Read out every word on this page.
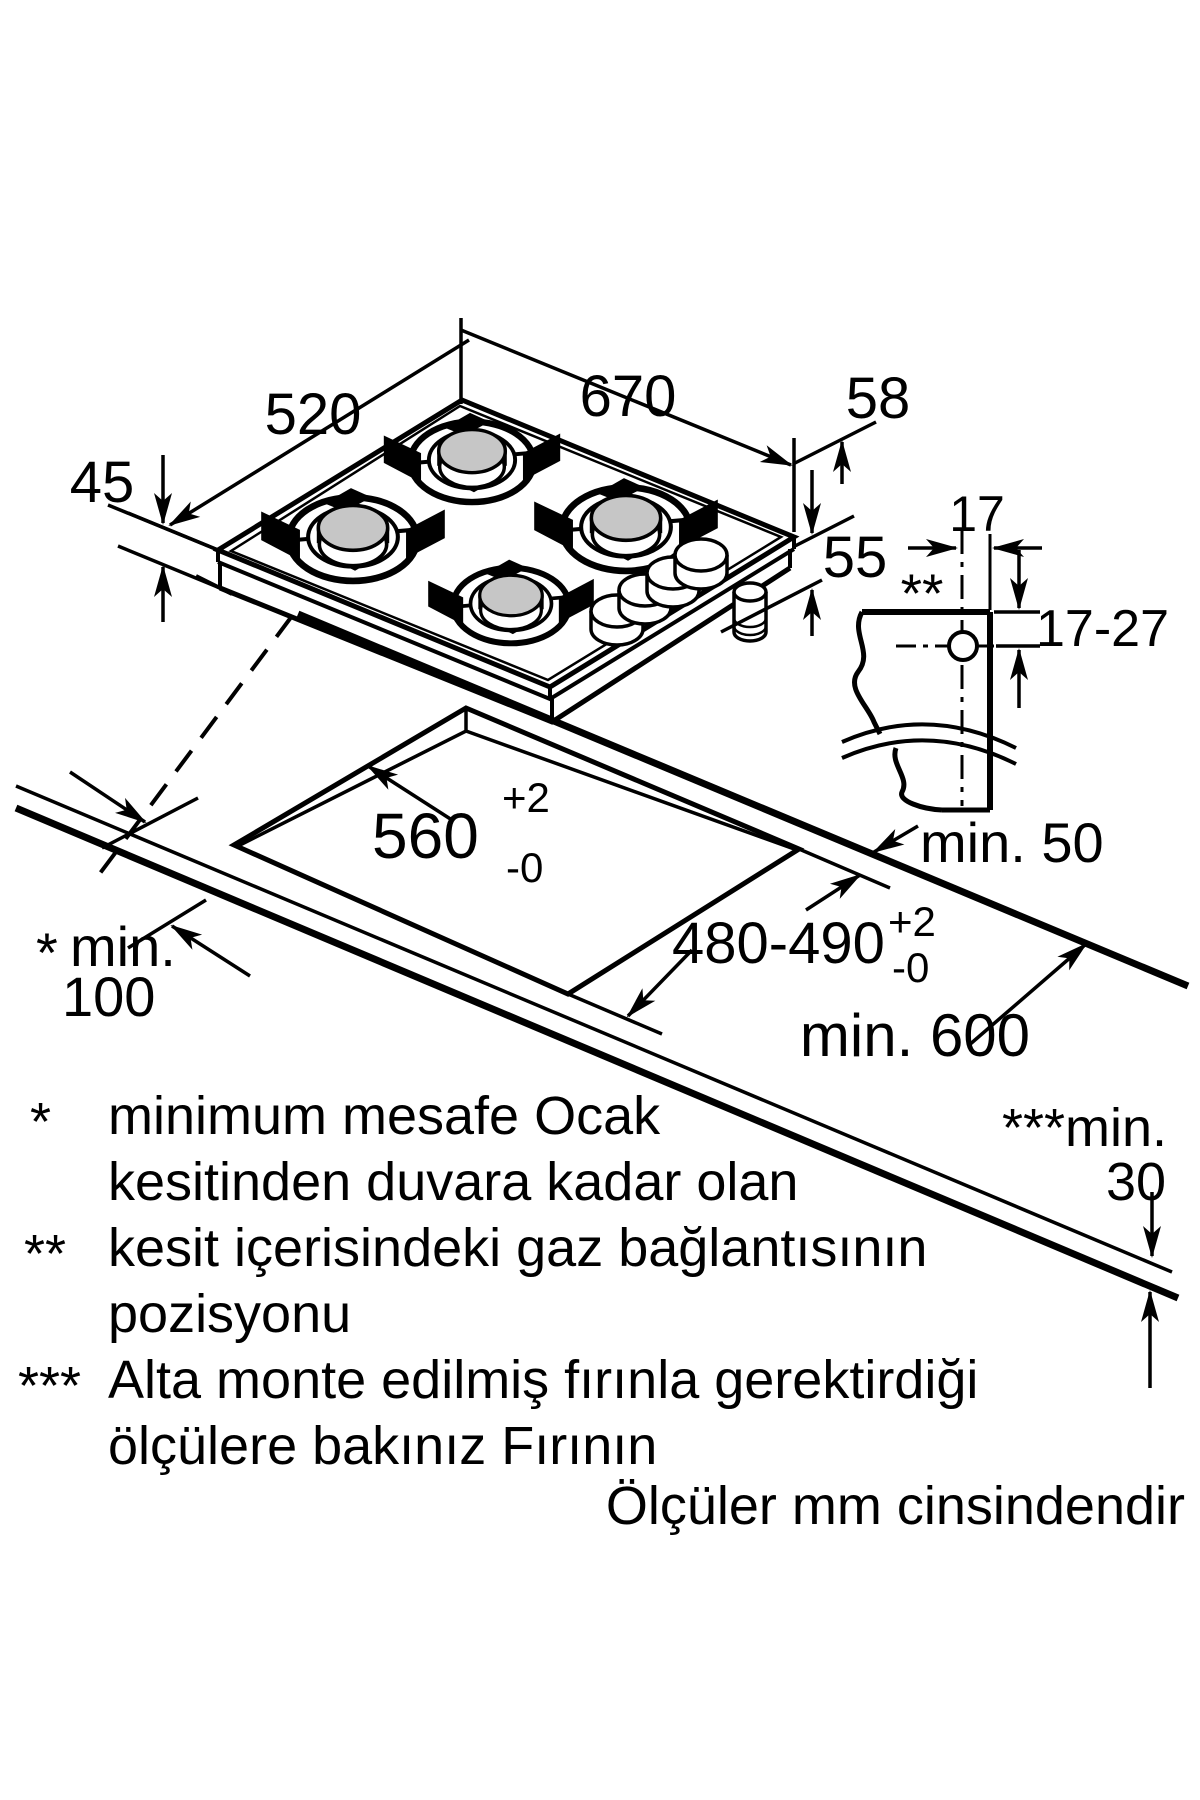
520	670	58
45
55
17
**
17-27
min. 50
560
+2
-0
480-490 +2
-0
min. 600
* min.
100
***min.
30
* minimum mesafe Ocak
kesitinden duvara kadar olan
** kesit içerisindeki gaz bağlantısının
pozisyonu
*** Alta monte edilmiş fırınla gerektirdiği
ölçülere bakınız Fırının
Ölçüler mm cinsindendir
